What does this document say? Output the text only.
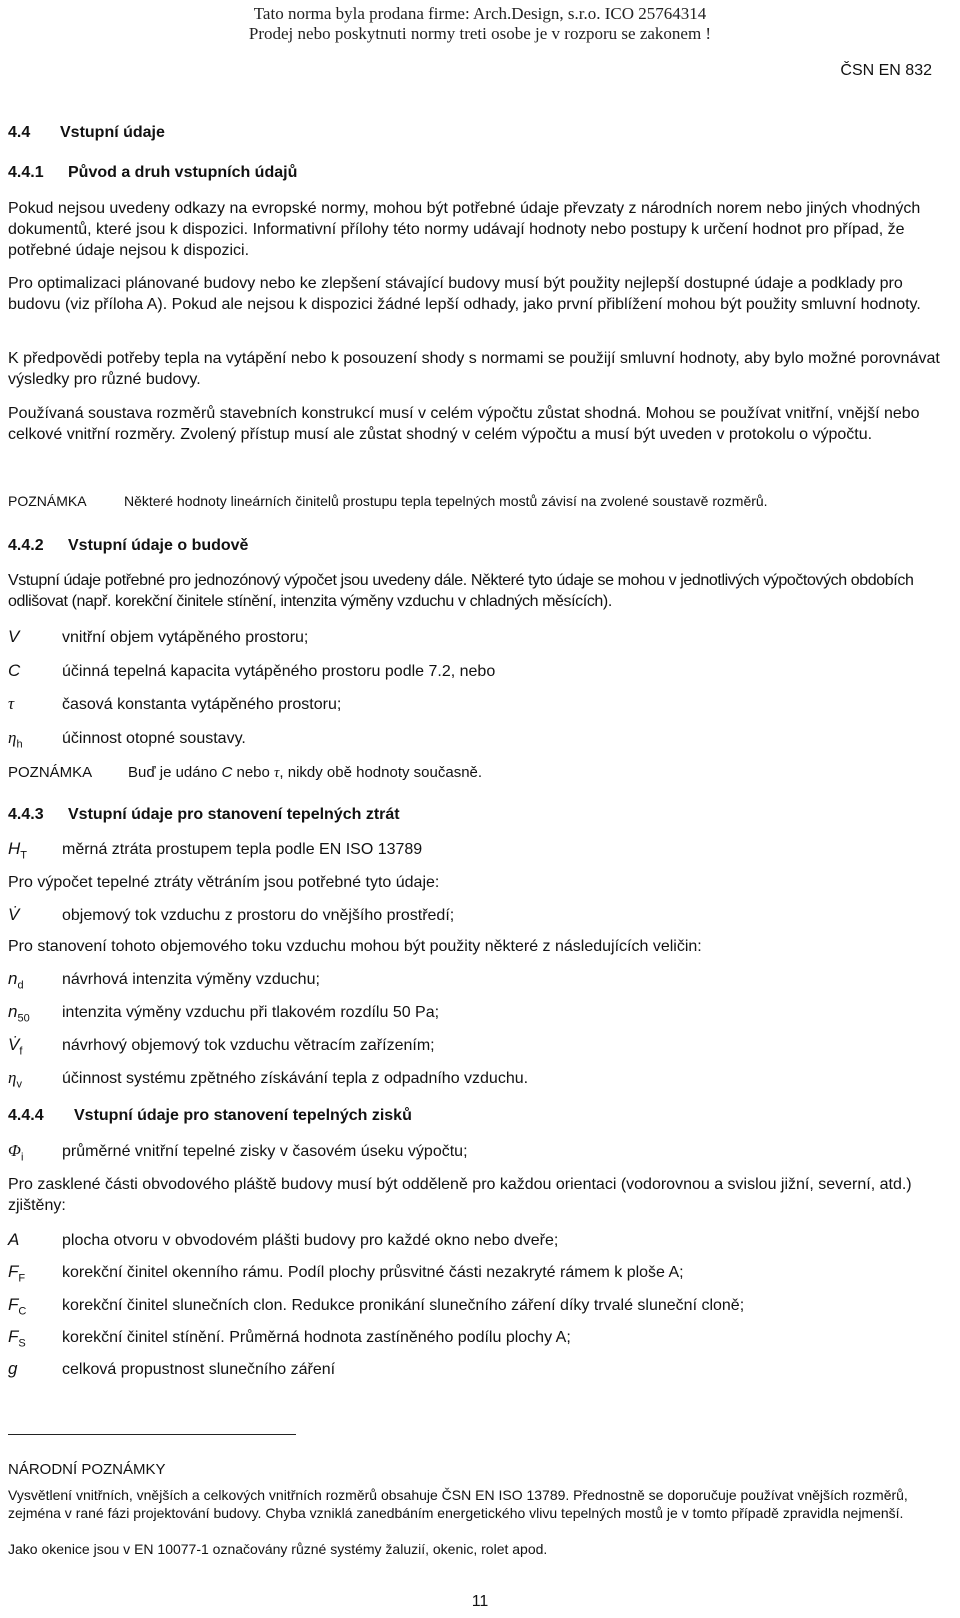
Tato norma byla prodana firme: Arch.Design, s.r.o. ICO 25764314
Prodej nebo poskytnuti normy treti osobe je v rozporu se zakonem !
ČSN EN 832
4.4 Vstupní údaje
4.4.1 Původ a druh vstupních údajů
Pokud nejsou uvedeny odkazy na evropské normy, mohou být potřebné údaje převzaty z národních norem nebo jiných vhodných dokumentů, které jsou k dispozici. Informativní přílohy této normy udávají hodnoty nebo postupy k určení hodnot pro případ, že potřebné údaje nejsou k dispozici.
Pro optimalizaci plánované budovy nebo ke zlepšení stávající budovy musí být použity nejlepší dostupné údaje a podklady pro budovu (viz příloha A). Pokud ale nejsou k dispozici žádné lepší odhady, jako první přiblížení mohou být použity smluvní hodnoty.
K předpovědi potřeby tepla na vytápění nebo k posouzení shody s normami se použijí smluvní hodnoty, aby bylo možné porovnávat výsledky pro různé budovy.
Používaná soustava rozměrů stavebních konstrukcí musí v celém výpočtu zůstat shodná. Mohou se používat vnitřní, vnější nebo celkové vnitřní rozměry. Zvolený přístup musí ale zůstat shodný v celém výpočtu a musí být uveden v protokolu o výpočtu.
POZNÁMKA	Některé hodnoty lineárních činitelů prostupu tepla tepelných mostů závisí na zvolené soustavě rozměrů.
4.4.2 Vstupní údaje o budově
Vstupní údaje potřebné pro jednozónový výpočet jsou uvedeny dále. Některé tyto údaje se mohou v jednotlivých výpočtových obdobích odlišovat (např. korekční činitele stínění, intenzita výměny vzduchu v chladných měsících).
V	vnitřní objem vytápěného prostoru;
C	účinná tepelná kapacita vytápěného prostoru podle 7.2, nebo
τ	časová konstanta vytápěného prostoru;
$\eta_h$ účinnost otopné soustavy.
POZNÁMKA Buď je udáno C nebo τ, nikdy obě hodnoty současně.
4.4.3 Vstupní údaje pro stanovení tepelných ztrát
$H_T$ měrná ztráta prostupem tepla podle EN ISO 13789
Pro výpočet tepelné ztráty větráním jsou potřebné tyto údaje:
V̇	objemový tok vzduchu z prostoru do vnějšího prostředí;
Pro stanovení tohoto objemového toku vzduchu mohou být použity některé z následujících veličin:
$n_d$ návrhová intenzita výměny vzduchu;
$n_{50}$ intenzita výměny vzduchu při tlakovém rozdílu 50 Pa;
$V̇_f$ návrhový objemový tok vzduchu větracím zařízením;
$\eta_v$	účinnost systému zpětného získávání tepla z odpadního vzduchu.
4.4.4 Vstupní údaje pro stanovení tepelných zisků
$\Phi_i$ průměrné vnitřní tepelné zisky v časovém úseku výpočtu;
Pro zasklené části obvodového pláště budovy musí být odděleně pro každou orientaci (vodorovnou a svislou jižní, severní, atd.) zjištěny:
A	plocha otvoru v obvodovém plášti budovy pro každé okno nebo dveře;
$F_F$ korekční činitel okenního rámu. Podíl plochy průsvitné části nezakryté rámem k ploše A;
$F_C$ korekční činitel slunečních clon. Redukce pronikání slunečního záření díky trvalé sluneční cloně;
$F_S$ korekční činitel stínění. Průměrná hodnota zastíněného podílu plochy A;
g	celková propustnost slunečního záření
NÁRODNÍ POZNÁMKY
Vysvětlení vnitřních, vnějších a celkových vnitřních rozměrů obsahuje ČSN EN ISO 13789. Přednostně se doporučuje používat vnějších rozměrů, zejména v rané fázi projektování budovy. Chyba vzniklá zanedbáním energetického vlivu tepelných mostů je v tomto případě zpravidla nejmenší.
Jako okenice jsou v EN 10077-1 označovány různé systémy žaluzií, okenic, rolet apod.
11
